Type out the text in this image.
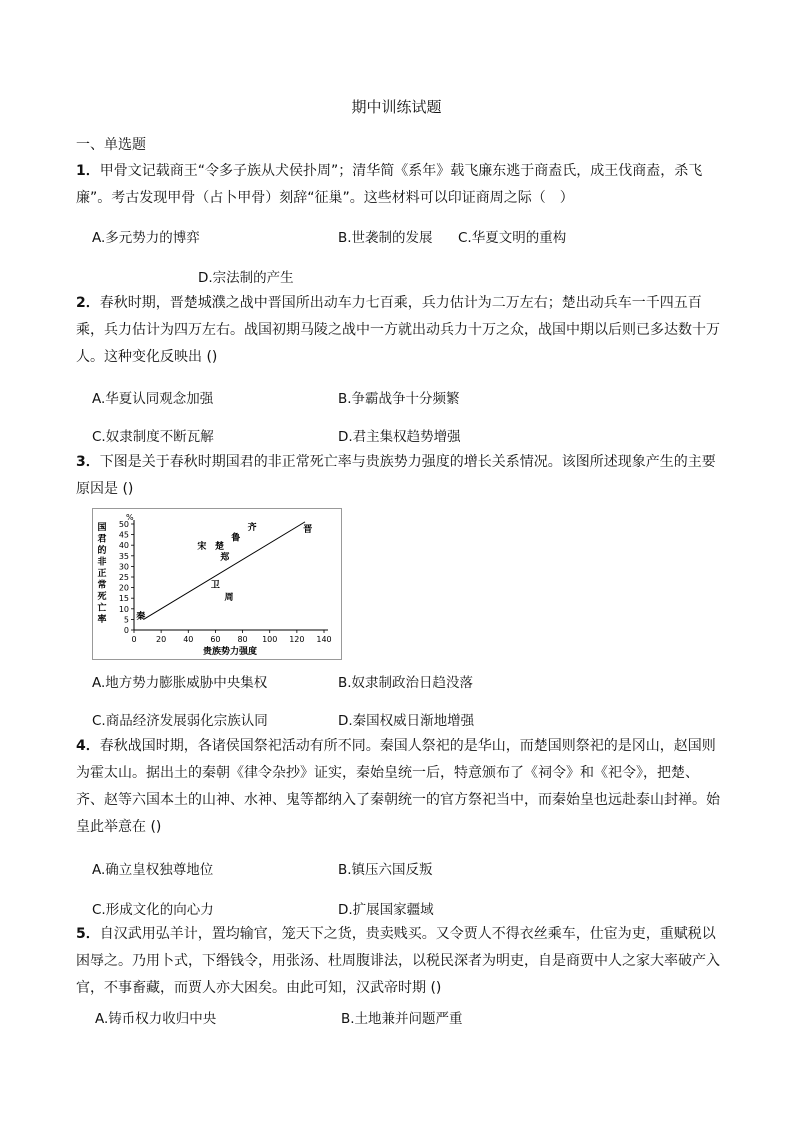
期中训练试题
一、单选题
1．甲骨文记载商王“令多子族从犬侯扑周”；清华简《系年》载飞廉东逃于商盍氏，成王伐商盍，杀飞廉”。考古发现甲骨（占卜甲骨）刻辞“征巢”。这些材料可以印证商周之际（　）
A.多元势力的博弈	B.世袭制的发展 C.华夏文明的重构
D.宗法制的产生
2．春秋时期，晋楚城濮之战中晋国所出动车力七百乘，兵力估计为二万左右；楚出动兵车一千四五百乘，兵力估计为四万左右。战国初期马陵之战中一方就出动兵力十万之众，战国中期以后则已多达数十万人。这种变化反映出 ()
A.华夏认同观念加强	B.争霸战争十分频繁
C.奴隶制度不断瓦解	D.君主集权趋势增强
3．下图是关于春秋时期国君的非正常死亡率与贵族势力强度的增长关系情况。该图所述现象产生的主要原因是 ()
国君的非正常死亡率
%
0
5
10
15
20
25
30
35
40
45
50
0 20 40 60 80 100 120 140
齐
鲁
晋
宋 楚
郑
卫
周
秦
贵族势力强度
A.地方势力膨胀威胁中央集权	B.奴隶制政治日趋没落
C.商品经济发展弱化宗族认同	D.秦国权威日渐地增强
4．春秋战国时期，各诸侯国祭祀活动有所不同。秦国人祭祀的是华山，而楚国则祭祀的是冈山，赵国则为霍太山。据出土的秦朝《律令杂抄》证实，秦始皇统一后，特意颁布了《祠令》和《祀令》，把楚、齐、赵等六国本土的山神、水神、鬼等都纳入了秦朝统一的官方祭祀当中，而秦始皇也远赴泰山封禅。始皇此举意在 ()
A.确立皇权独尊地位	B.镇压六国反叛
C.形成文化的向心力	D.扩展国家疆域
5．自汉武用弘羊计，置均输官，笼天下之货，贵卖贱买。又令贾人不得衣丝乘车，仕宦为吏，重赋税以困辱之。乃用卜式，下缗钱令，用张汤、杜周腹诽法，以税民深者为明吏，自是商贾中人之家大率破产入官，不事畜藏，而贾人亦大困矣。由此可知，汉武帝时期 ()
A.铸币权力收归中央	B.土地兼并问题严重
